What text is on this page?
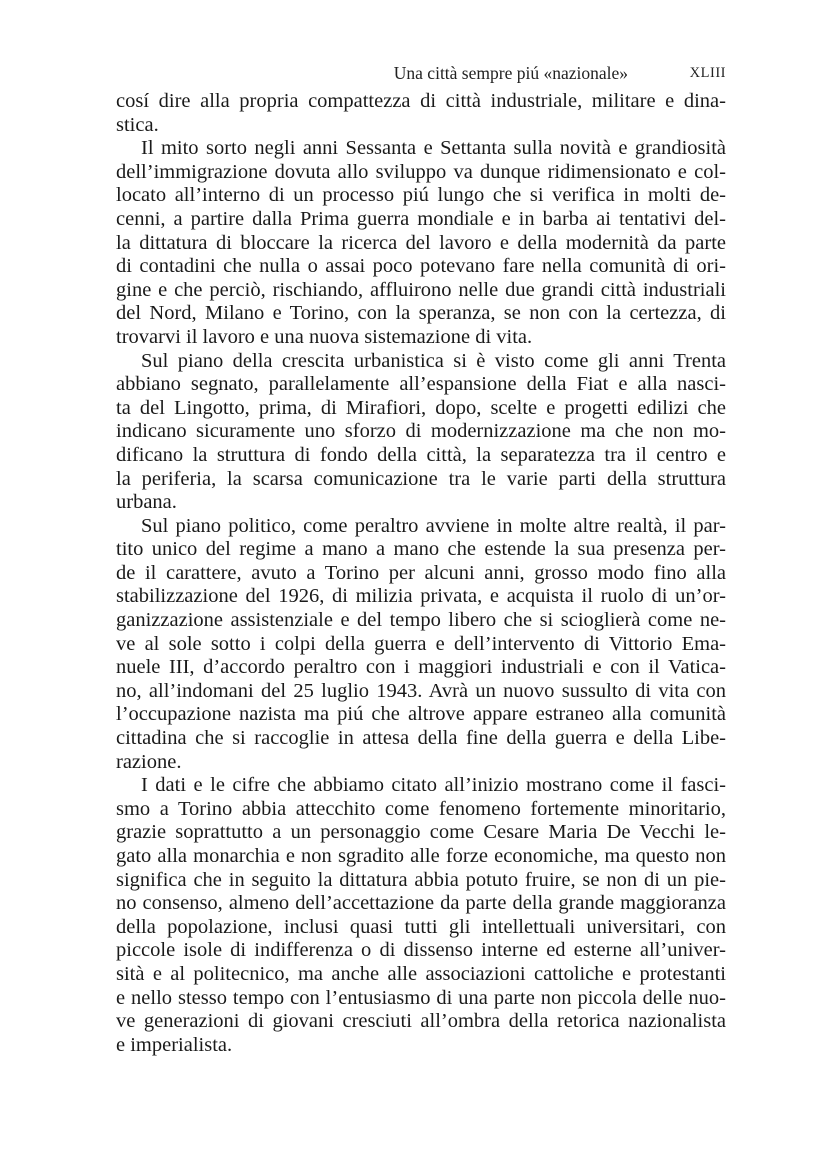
Una città sempre piú «nazionale»	XLIII
cosí dire alla propria compattezza di città industriale, militare e dina-
stica.
Il mito sorto negli anni Sessanta e Settanta sulla novità e grandiosità
dell’immigrazione dovuta allo sviluppo va dunque ridimensionato e col-
locato all’interno di un processo piú lungo che si verifica in molti de-
cenni, a partire dalla Prima guerra mondiale e in barba ai tentativi del-
la dittatura di bloccare la ricerca del lavoro e della modernità da parte
di contadini che nulla o assai poco potevano fare nella comunità di ori-
gine e che perciò, rischiando, affluirono nelle due grandi città industriali
del Nord, Milano e Torino, con la speranza, se non con la certezza, di
trovarvi il lavoro e una nuova sistemazione di vita.
Sul piano della crescita urbanistica si è visto come gli anni Trenta
abbiano segnato, parallelamente all’espansione della Fiat e alla nasci-
ta del Lingotto, prima, di Mirafiori, dopo, scelte e progetti edilizi che
indicano sicuramente uno sforzo di modernizzazione ma che non mo-
dificano la struttura di fondo della città, la separatezza tra il centro e
la periferia, la scarsa comunicazione tra le varie parti della struttura
urbana.
Sul piano politico, come peraltro avviene in molte altre realtà, il par-
tito unico del regime a mano a mano che estende la sua presenza per-
de il carattere, avuto a Torino per alcuni anni, grosso modo fino alla
stabilizzazione del 1926, di milizia privata, e acquista il ruolo di un’or-
ganizzazione assistenziale e del tempo libero che si scioglierà come ne-
ve al sole sotto i colpi della guerra e dell’intervento di Vittorio Ema-
nuele III, d’accordo peraltro con i maggiori industriali e con il Vatica-
no, all’indomani del 25 luglio 1943. Avrà un nuovo sussulto di vita con
l’occupazione nazista ma piú che altrove appare estraneo alla comunità
cittadina che si raccoglie in attesa della fine della guerra e della Libe-
razione.
I dati e le cifre che abbiamo citato all’inizio mostrano come il fasci-
smo a Torino abbia attecchito come fenomeno fortemente minoritario,
grazie soprattutto a un personaggio come Cesare Maria De Vecchi le-
gato alla monarchia e non sgradito alle forze economiche, ma questo non
significa che in seguito la dittatura abbia potuto fruire, se non di un pie-
no consenso, almeno dell’accettazione da parte della grande maggioranza
della popolazione, inclusi quasi tutti gli intellettuali universitari, con
piccole isole di indifferenza o di dissenso interne ed esterne all’univer-
sità e al politecnico, ma anche alle associazioni cattoliche e protestanti
e nello stesso tempo con l’entusiasmo di una parte non piccola delle nuo-
ve generazioni di giovani cresciuti all’ombra della retorica nazionalista
e imperialista.
